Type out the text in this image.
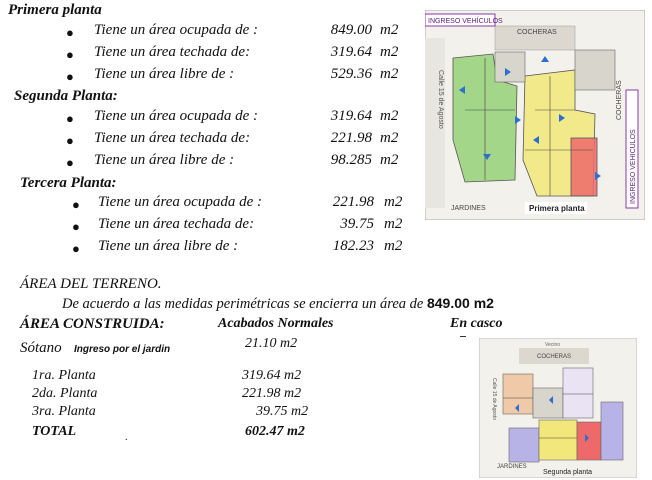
Primera planta
● Tiene un área ocupada de :	849.00 m2
● Tiene un área techada de:	319.64 m2
● Tiene un área libre de :	529.36 m2
Segunda Planta:
● Tiene un área ocupada de :	319.64 m2
● Tiene un área techada de:	221.98 m2
● Tiene un área libre de :	98.285 m2
Tercera Planta:
● Tiene un área ocupada de :	221.98 m2
● Tiene un área techada de:	39.75 m2
● Tiene un área libre de :	182.23 m2
ÁREA DEL TERRENO.
De acuerdo a las medidas perimétricas se encierra un área de 849.00 m2
ÁREA CONSTRUIDA:	Acabados Normales	En casco
Sótano Ingreso por el jardin	21.10 m2
1ra. Planta	319.64 m2
2da. Planta	221.98 m2
3ra. Planta	39.75 m2
TOTAL	602.47 m2
.
INGRESO VEHÍCULOS
COCHERAS
Calle 15 de Agosto	COCHERAS
INGRESO VEHICULOS
JARDINES	Primera planta
Vecino
COCHERAS
Calle 15 de Agosto
JARDINES
Segunda planta
